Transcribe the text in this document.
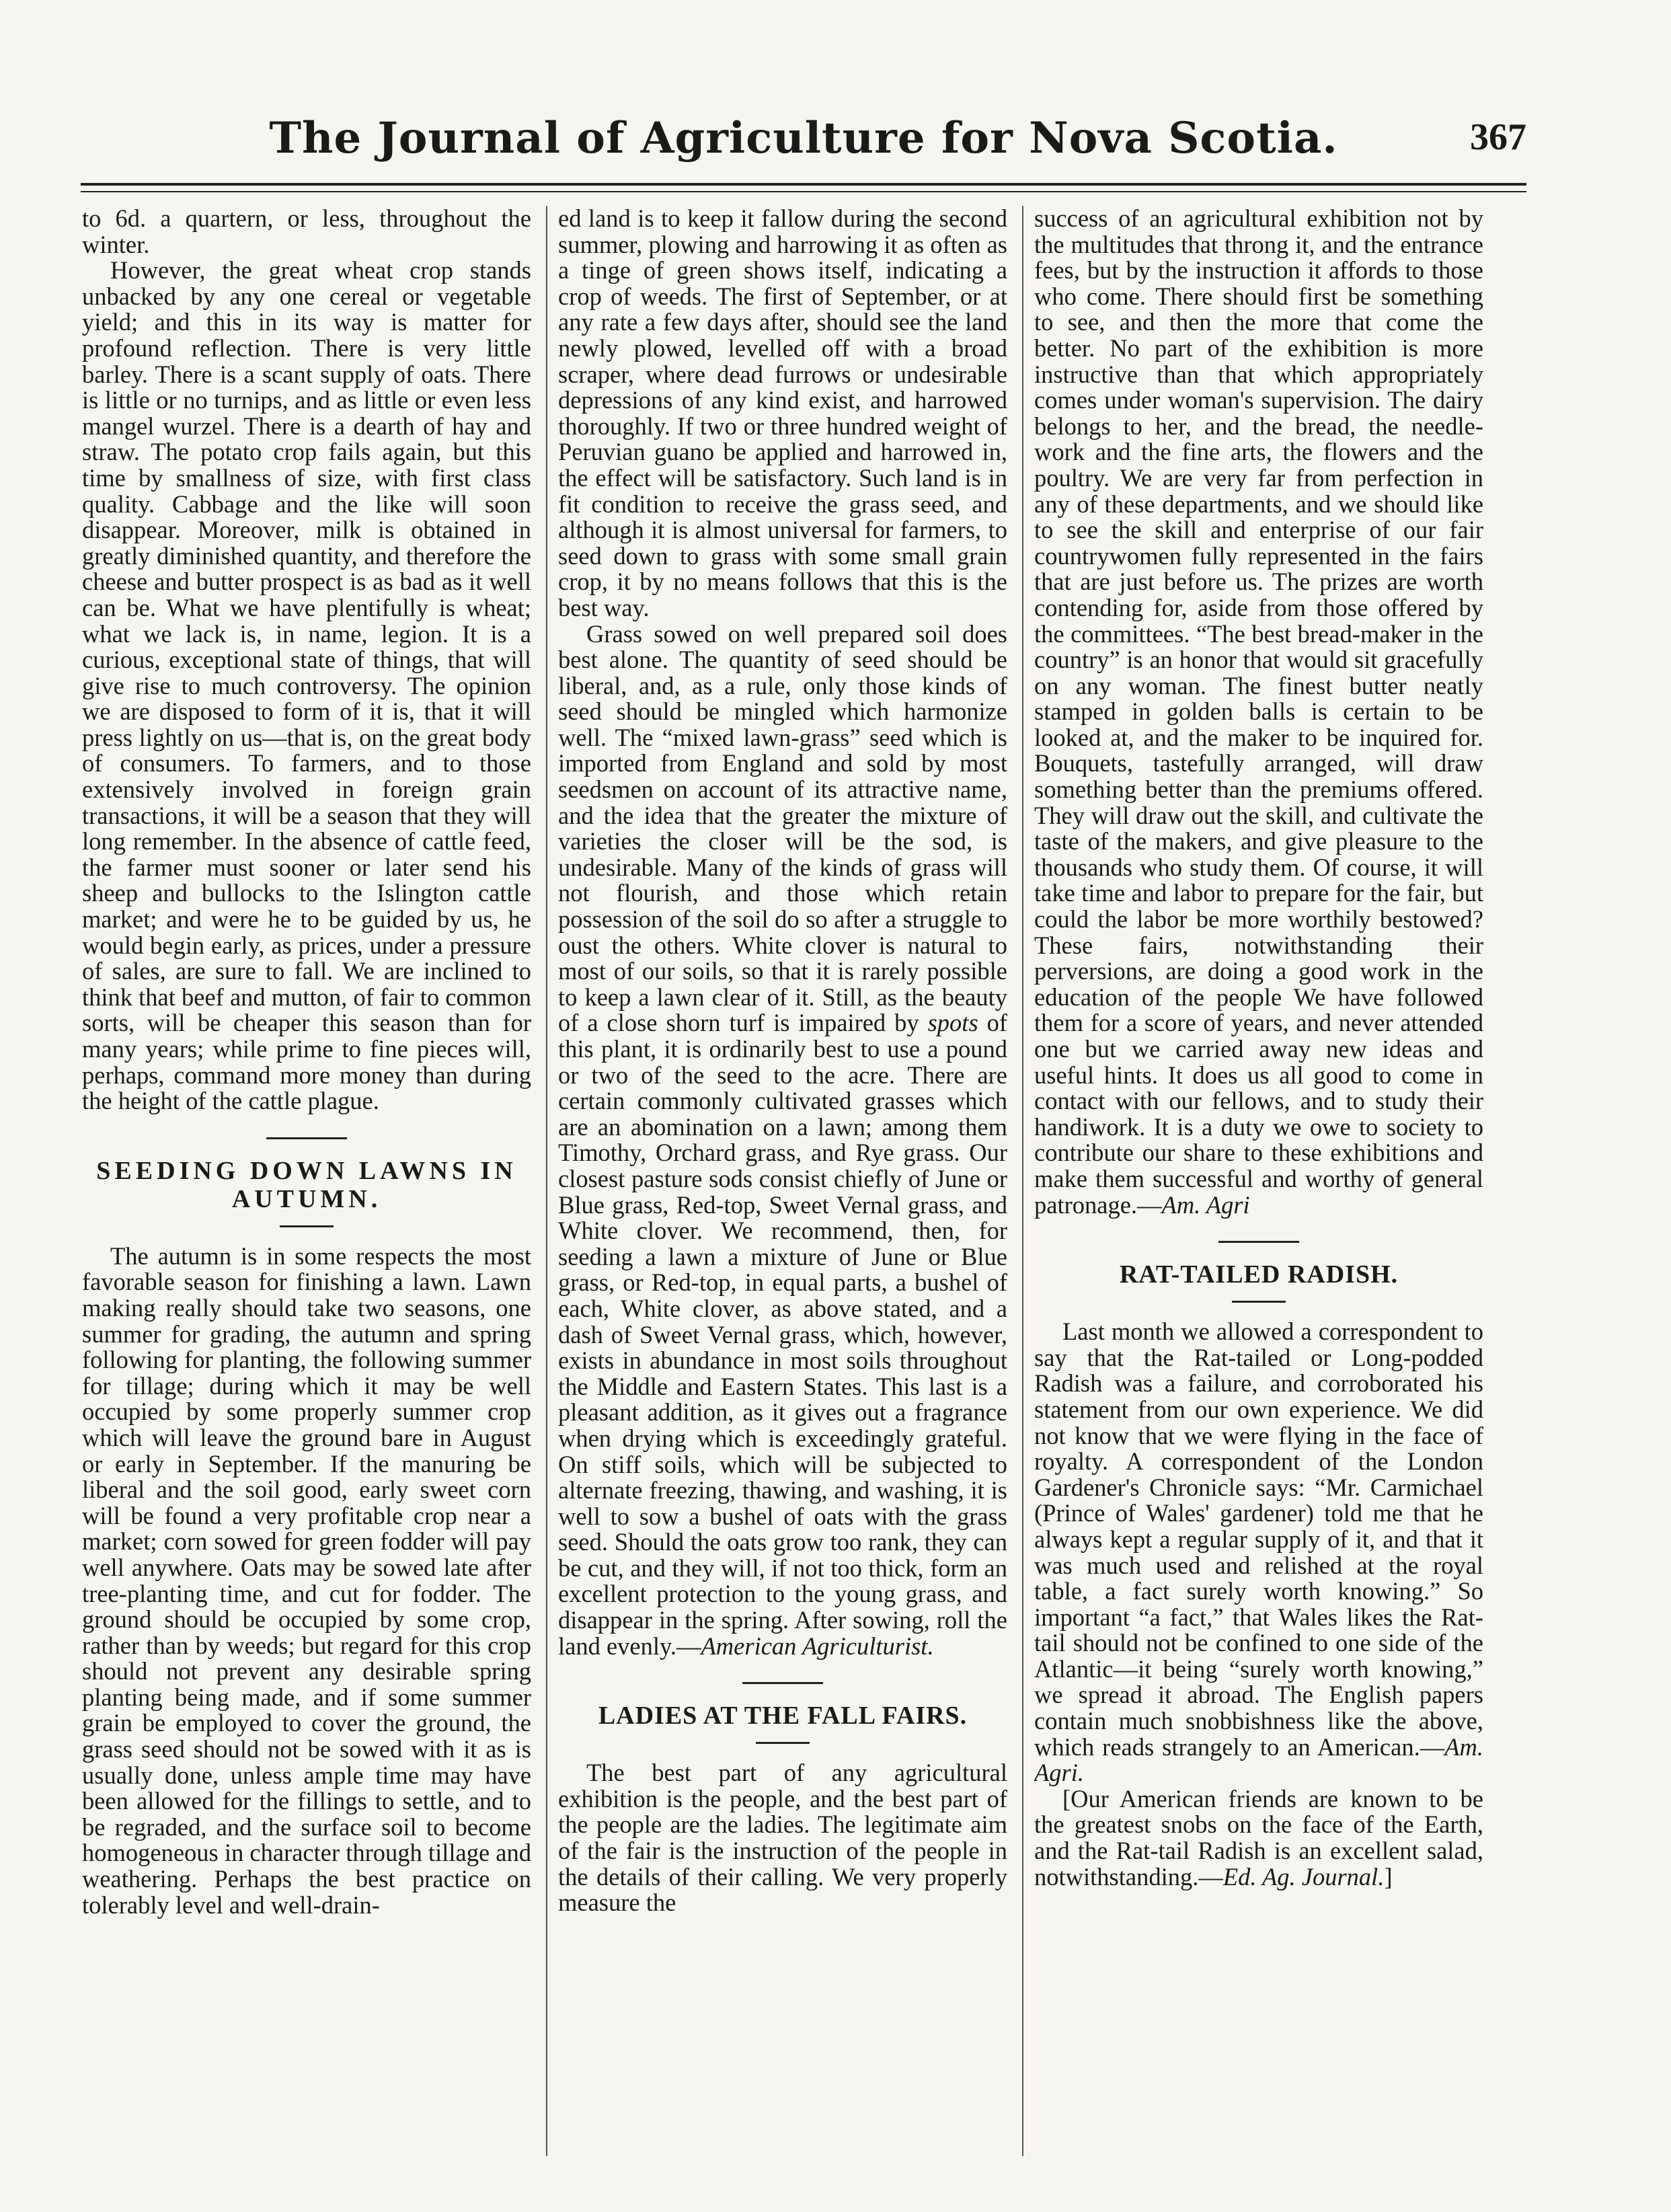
The Journal of Agriculture for Nova Scotia.	367

to 6d. a quartern, or less, throughout the winter.

However, the great wheat crop stands unbacked by any one cereal or vegetable yield; and this in its way is matter for profound reflection. There is very little barley. There is a scant supply of oats. There is little or no turnips, and as little or even less mangel wurzel. There is a dearth of hay and straw. The potato crop fails again, but this time by smallness of size, with first class quality. Cabbage and the like will soon disappear. Moreover, milk is obtained in greatly diminished quantity, and therefore the cheese and butter prospect is as bad as it well can be. What we have plentifully is wheat; what we lack is, in name, legion. It is a curious, exceptional state of things, that will give rise to much controversy. The opinion we are disposed to form of it is, that it will press lightly on us—that is, on the great body of consumers. To farmers, and to those extensively involved in foreign grain transactions, it will be a season that they will long remember. In the absence of cattle feed, the farmer must sooner or later send his sheep and bullocks to the Islington cattle market; and were he to be guided by us, he would begin early, as prices, under a pressure of sales, are sure to fall. We are inclined to think that beef and mutton, of fair to common sorts, will be cheaper this season than for many years; while prime to fine pieces will, perhaps, command more money than during the height of the cattle plague.

SEEDING DOWN LAWNS IN AUTUMN.

The autumn is in some respects the most favorable season for finishing a lawn. Lawn making really should take two seasons, one summer for grading, the autumn and spring following for planting, the following summer for tillage; during which it may be well occupied by some properly summer crop which will leave the ground bare in August or early in September. If the manuring be liberal and the soil good, early sweet corn will be found a very profitable crop near a market; corn sowed for green fodder will pay well anywhere. Oats may be sowed late after tree-planting time, and cut for fodder. The ground should be occupied by some crop, rather than by weeds; but regard for this crop should not prevent any desirable spring planting being made, and if some summer grain be employed to cover the ground, the grass seed should not be sowed with it as is usually done, unless ample time may have been allowed for the fillings to settle, and to be regraded, and the surface soil to become homogeneous in character through tillage and weathering. Perhaps the best practice on tolerably level and well-drain-

ed land is to keep it fallow during the second summer, plowing and harrowing it as often as a tinge of green shows itself, indicating a crop of weeds. The first of September, or at any rate a few days after, should see the land newly plowed, levelled off with a broad scraper, where dead furrows or undesirable depressions of any kind exist, and harrowed thoroughly. If two or three hundred weight of Peruvian guano be applied and harrowed in, the effect will be satisfactory. Such land is in fit condition to receive the grass seed, and although it is almost universal for farmers, to seed down to grass with some small grain crop, it by no means follows that this is the best way.

Grass sowed on well prepared soil does best alone. The quantity of seed should be liberal, and, as a rule, only those kinds of seed should be mingled which harmonize well. The “mixed lawn-grass” seed which is imported from England and sold by most seedsmen on account of its attractive name, and the idea that the greater the mixture of varieties the closer will be the sod, is undesirable. Many of the kinds of grass will not flourish, and those which retain possession of the soil do so after a struggle to oust the others. White clover is natural to most of our soils, so that it is rarely possible to keep a lawn clear of it. Still, as the beauty of a close shorn turf is impaired by spots of this plant, it is ordinarily best to use a pound or two of the seed to the acre. There are certain commonly cultivated grasses which are an abomination on a lawn; among them Timothy, Orchard grass, and Rye grass. Our closest pasture sods consist chiefly of June or Blue grass, Red-top, Sweet Vernal grass, and White clover. We recommend, then, for seeding a lawn a mixture of June or Blue grass, or Red-top, in equal parts, a bushel of each, White clover, as above stated, and a dash of Sweet Vernal grass, which, however, exists in abundance in most soils throughout the Middle and Eastern States. This last is a pleasant addition, as it gives out a fragrance when drying which is exceedingly grateful. On stiff soils, which will be subjected to alternate freezing, thawing, and washing, it is well to sow a bushel of oats with the grass seed. Should the oats grow too rank, they can be cut, and they will, if not too thick, form an excellent protection to the young grass, and disappear in the spring. After sowing, roll the land evenly.—American Agriculturist.

LADIES AT THE FALL FAIRS.

The best part of any agricultural exhibition is the people, and the best part of the people are the ladies. The legitimate aim of the fair is the instruction of the people in the details of their calling. We very properly measure the

success of an agricultural exhibition not by the multitudes that throng it, and the entrance fees, but by the instruction it affords to those who come. There should first be something to see, and then the more that come the better. No part of the exhibition is more instructive than that which appropriately comes under woman's supervision. The dairy belongs to her, and the bread, the needle-work and the fine arts, the flowers and the poultry. We are very far from perfection in any of these departments, and we should like to see the skill and enterprise of our fair countrywomen fully represented in the fairs that are just before us. The prizes are worth contending for, aside from those offered by the committees. “The best bread-maker in the country” is an honor that would sit gracefully on any woman. The finest butter neatly stamped in golden balls is certain to be looked at, and the maker to be inquired for. Bouquets, tastefully arranged, will draw something better than the premiums offered. They will draw out the skill, and cultivate the taste of the makers, and give pleasure to the thousands who study them. Of course, it will take time and labor to prepare for the fair, but could the labor be more worthily bestowed? These fairs, notwithstanding their perversions, are doing a good work in the education of the people We have followed them for a score of years, and never attended one but we carried away new ideas and useful hints. It does us all good to come in contact with our fellows, and to study their handiwork. It is a duty we owe to society to contribute our share to these exhibitions and make them successful and worthy of general patronage.—Am. Agri

RAT-TAILED RADISH.

Last month we allowed a correspondent to say that the Rat-tailed or Long-podded Radish was a failure, and corroborated his statement from our own experience. We did not know that we were flying in the face of royalty. A correspondent of the London Gardener's Chronicle says: “Mr. Carmichael (Prince of Wales' gardener) told me that he always kept a regular supply of it, and that it was much used and relished at the royal table, a fact surely worth knowing.” So important “a fact,” that Wales likes the Rat-tail should not be confined to one side of the Atlantic—it being “surely worth knowing,” we spread it abroad. The English papers contain much snobbishness like the above, which reads strangely to an American.—Am. Agri.

[Our American friends are known to be the greatest snobs on the face of the Earth, and the Rat-tail Radish is an excellent salad, notwithstanding.—Ed. Ag. Journal.]
